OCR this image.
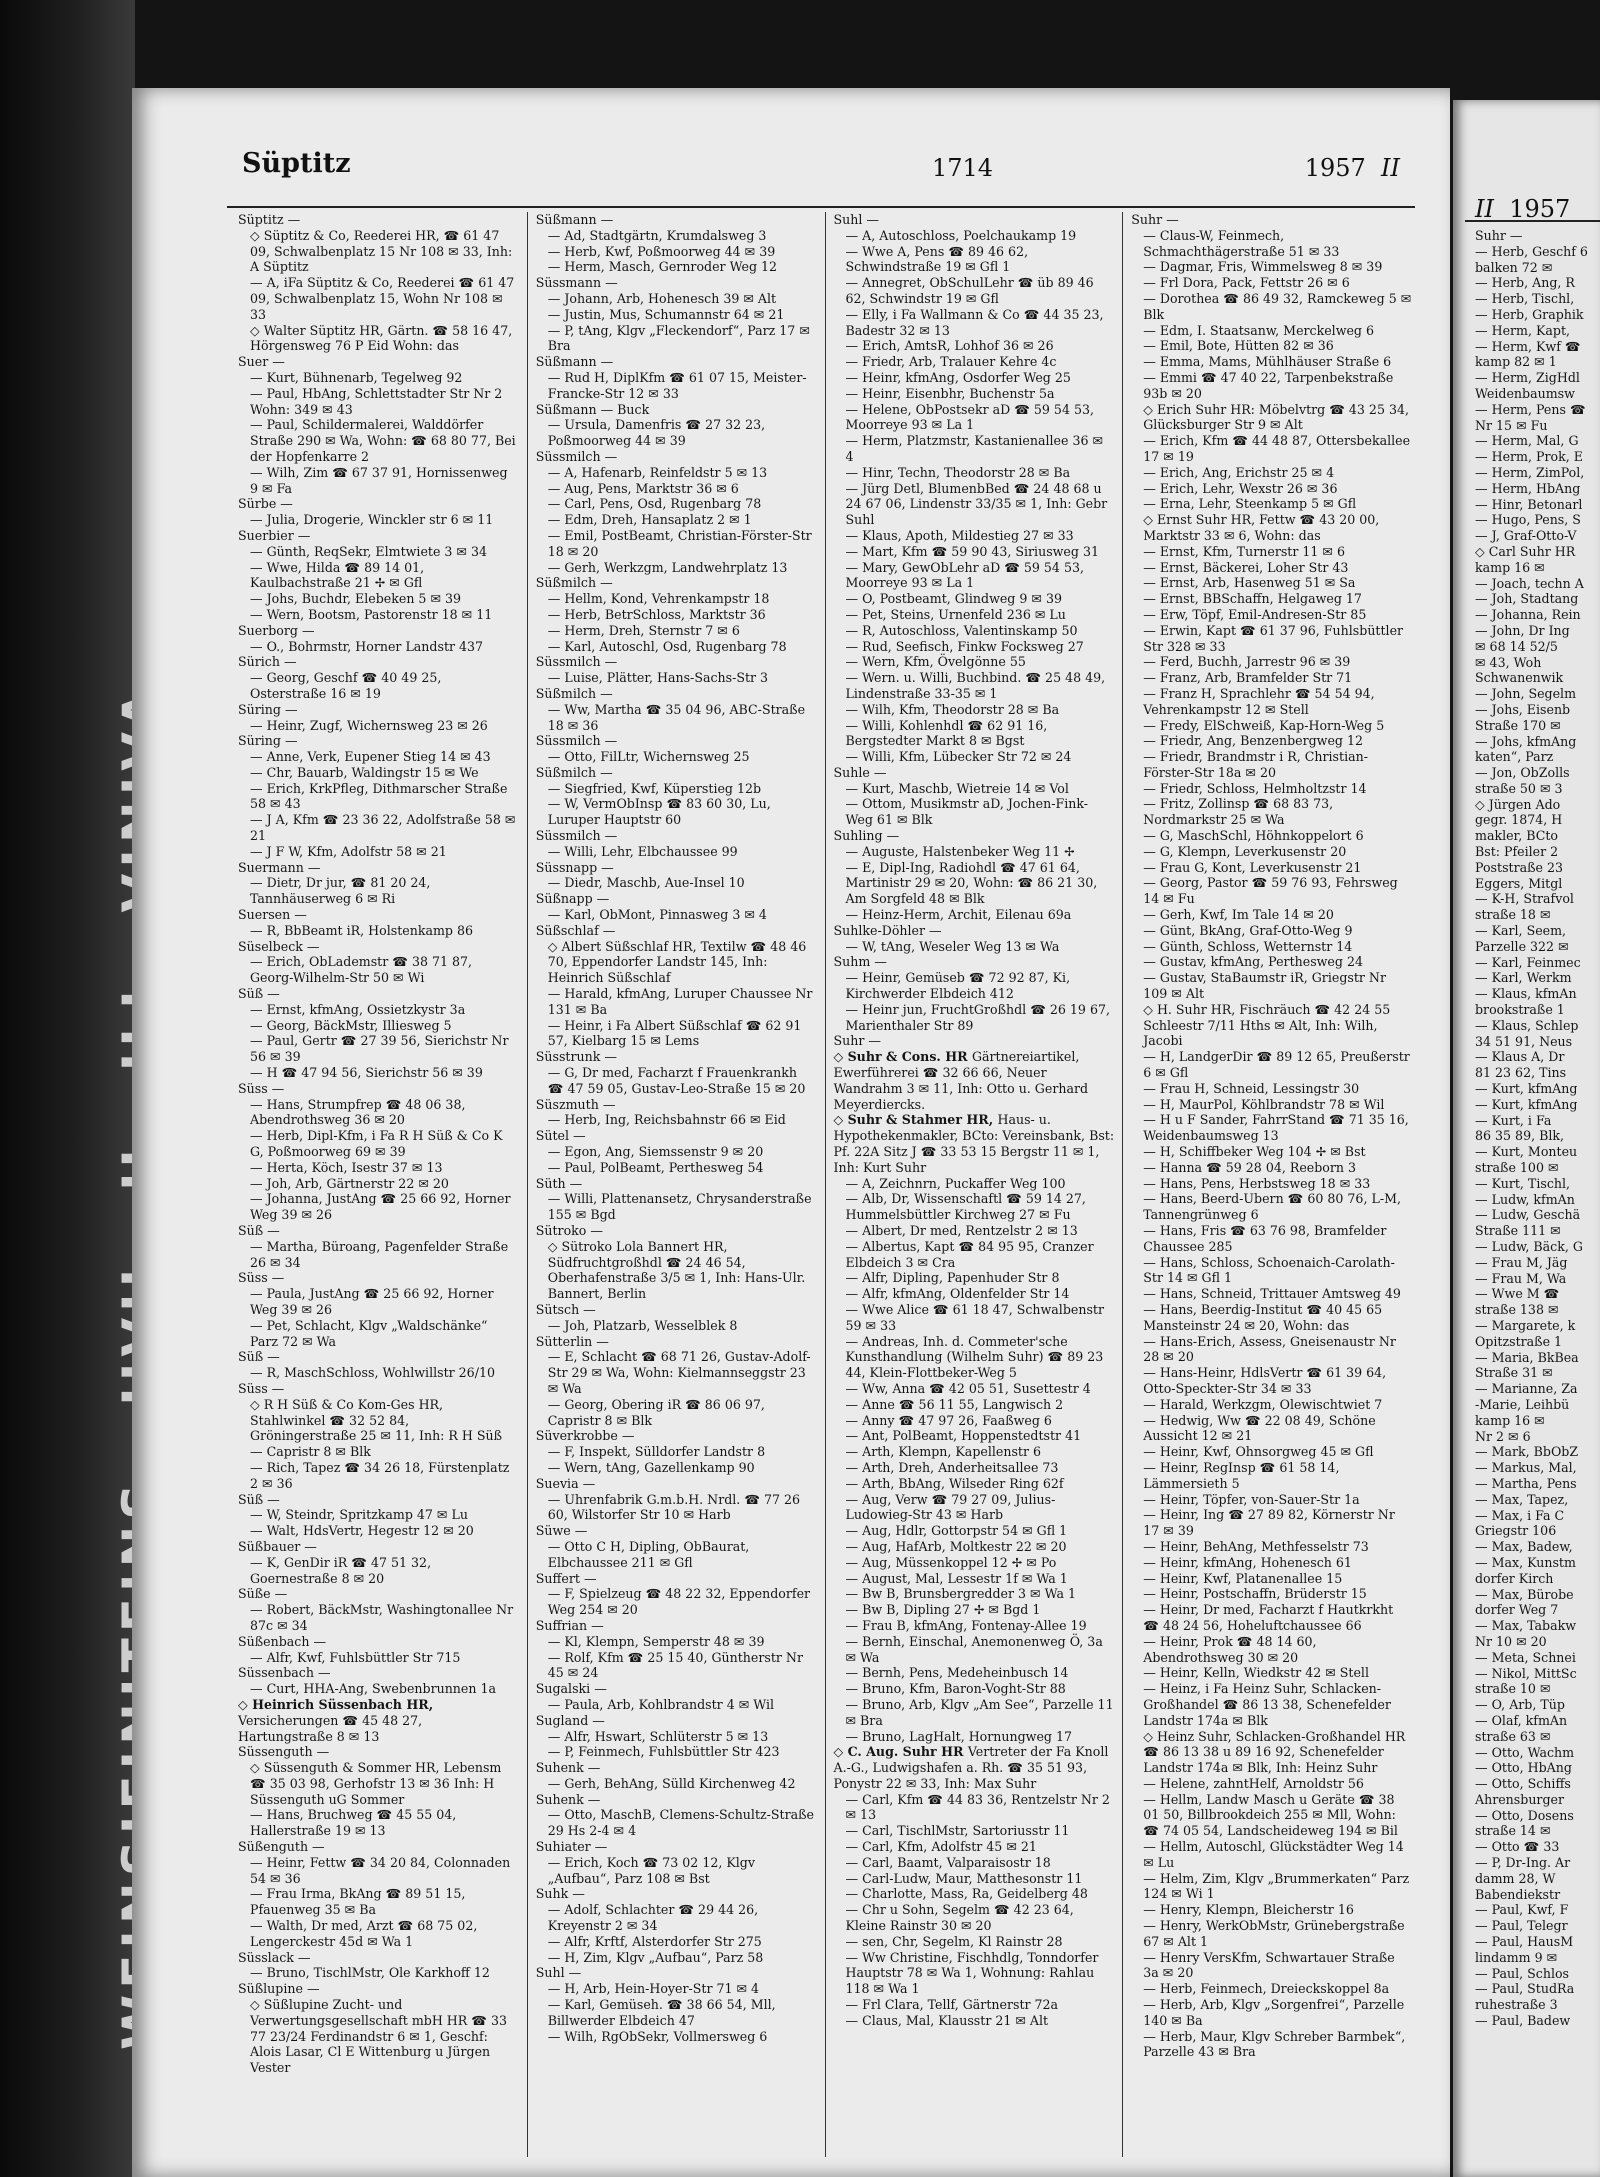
Süptitz	1714	1957 II

Süptitz —

◇ Süptitz & Co, Reederei HR, ☎ 61 47 09, Schwalbenplatz 15 Nr 108 ✉ 33, Inh: A Süptitz

— A, iFa Süptitz & Co, Reederei ☎ 61 47 09, Schwalbenplatz 15, Wohn Nr 108 ✉ 33

◇ Walter Süptitz HR, Gärtn. ☎ 58 16 47, Hörgensweg 76 P Eid Wohn: das

Suer —

— Kurt, Bühnenarb, Tegelweg 92

— Paul, HbAng, Schlettstadter Str Nr 2 Wohn: 349 ✉ 43

— Paul, Schildermalerei, Walddörfer Straße 290 ✉ Wa, Wohn: ☎ 68 80 77, Bei der Hopfenkarre 2

— Wilh, Zim ☎ 67 37 91, Hornissenweg 9 ✉ Fa

Sürbe —

— Julia, Drogerie, Winckler str 6 ✉ 11

Suerbier —

— Günth, ReqSekr, Elmtwiete 3 ✉ 34

— Wwe, Hilda ☎ 89 14 01, Kaulbachstraße 21 ✢ ✉ Gfl

— Johs, Buchdr, Elebeken 5 ✉ 39

— Wern, Bootsm, Pastorenstr 18 ✉ 11

Suerborg —

— O., Bohrmstr, Horner Landstr 437

Sürich —

— Georg, Geschf ☎ 40 49 25, Osterstraße 16 ✉ 19

Süring —

— Heinr, Zugf, Wichernsweg 23 ✉ 26

Süring —

— Anne, Verk, Eupener Stieg 14 ✉ 43

— Chr, Bauarb, Waldingstr 15 ✉ We

— Erich, KrkPfleg, Dithmarscher Straße 58 ✉ 43

— J A, Kfm ☎ 23 36 22, Adolfstraße 58 ✉ 21

— J F W, Kfm, Adolfstr 58 ✉ 21

Suermann —

— Dietr, Dr jur, ☎ 81 20 24, Tannhäuserweg 6 ✉ Ri

Suersen —

— R, BbBeamt iR, Holstenkamp 86

Süselbeck —

— Erich, ObLademstr ☎ 38 71 87, Georg-Wilhelm-Str 50 ✉ Wi

Süß —

— Ernst, kfmAng, Ossietzkystr 3a

— Georg, BäckMstr, Illiesweg 5

— Paul, Gertr ☎ 27 39 56, Sierichstr Nr 56 ✉ 39

— H ☎ 47 94 56, Sierichstr 56 ✉ 39

Süss —

— Hans, Strumpfrep ☎ 48 06 38, Abendrothsweg 36 ✉ 20

— Herb, Dipl-Kfm, i Fa R H Süß & Co K G, Poßmoorweg 69 ✉ 39

— Herta, Köch, Isestr 37 ✉ 13

— Joh, Arb, Gärtnerstr 22 ✉ 20

— Johanna, JustAng ☎ 25 66 92, Horner Weg 39 ✉ 26

Süß —

— Martha, Büroang, Pagenfelder Straße 26 ✉ 34

Süss —

— Paula, JustAng ☎ 25 66 92, Horner Weg 39 ✉ 26

— Pet, Schlacht, Klgv „Waldschänke“ Parz 72 ✉ Wa

Süß —

— R, MaschSchloss, Wohlwillstr 26/10

Süss —

◇ R H Süß & Co Kom-Ges HR, Stahlwinkel ☎ 32 52 84, Gröningerstraße 25 ✉ 11, Inh: R H Süß

— Capristr 8 ✉ Blk

— Rich, Tapez ☎ 34 26 18, Fürstenplatz 2 ✉ 36

Süß —

— W, Steindr, Spritzkamp 47 ✉ Lu

— Walt, HdsVertr, Hegestr 12 ✉ 20

Süßbauer —

— K, GenDir iR ☎ 47 51 32, Goernestraße 8 ✉ 20

Süße —

— Robert, BäckMstr, Washingtonallee Nr 87c ✉ 34

Süßenbach —

— Alfr, Kwf, Fuhlsbüttler Str 715

Süssenbach —

— Curt, HHA-Ang, Swebenbrunnen 1a

◇ Heinrich Süssenbach HR, Versicherungen ☎ 45 48 27, Hartungstraße 8 ✉ 13

Süssenguth —

◇ Süssenguth & Sommer HR, Lebensm ☎ 35 03 98, Gerhofstr 13 ✉ 36 Inh: H Süssenguth uG Sommer

— Hans, Bruchweg ☎ 45 55 04, Hallerstraße 19 ✉ 13

Süßenguth —

— Heinr, Fettw ☎ 34 20 84, Colonnaden 54 ✉ 36

— Frau Irma, BkAng ☎ 89 51 15, Pfauenweg 35 ✉ Ba

— Walth, Dr med, Arzt ☎ 68 75 02, Lengerckestr 45d ✉ Wa 1

Süsslack —

— Bruno, TischlMstr, Ole Karkhoff 12

Süßlupine —

◇ Süßlupine Zucht- und Verwertungsgesellschaft mbH HR ☎ 33 77 23/24 Ferdinandstr 6 ✉ 1, Geschf: Alois Lasar, Cl E Wittenburg u Jürgen Vester

Süßmann —

— Ad, Stadtgärtn, Krumdalsweg 3

— Herb, Kwf, Poßmoorweg 44 ✉ 39

— Herm, Masch, Gernroder Weg 12

Süssmann —

— Johann, Arb, Hohenesch 39 ✉ Alt

— Justin, Mus, Schumannstr 64 ✉ 21

— P, tAng, Klgv „Fleckendorf“, Parz 17 ✉ Bra

Süßmann —

— Rud H, DiplKfm ☎ 61 07 15, Meister-Francke-Str 12 ✉ 33

Süßmann — Buck

— Ursula, Damenfris ☎ 27 32 23, Poßmoorweg 44 ✉ 39

Süssmilch —

— A, Hafenarb, Reinfeldstr 5 ✉ 13

— Aug, Pens, Marktstr 36 ✉ 6

— Carl, Pens, Osd, Rugenbarg 78

— Edm, Dreh, Hansaplatz 2 ✉ 1

— Emil, PostBeamt, Christian-Förster-Str 18 ✉ 20

— Gerh, Werkzgm, Landwehrplatz 13

Süßmilch —

— Hellm, Kond, Vehrenkampstr 18

— Herb, BetrSchloss, Marktstr 36

— Herm, Dreh, Sternstr 7 ✉ 6

— Karl, Autoschl, Osd, Rugenbarg 78

Süssmilch —

— Luise, Plätter, Hans-Sachs-Str 3

Süßmilch —

— Ww, Martha ☎ 35 04 96, ABC-Straße 18 ✉ 36

Süssmilch —

— Otto, FilLtr, Wichernsweg 25

Süßmilch —

— Siegfried, Kwf, Küperstieg 12b

— W, VermObInsp ☎ 83 60 30, Lu, Luruper Hauptstr 60

Süssmilch —

— Willi, Lehr, Elbchaussee 99

Süssnapp —

— Diedr, Maschb, Aue-Insel 10

Süßnapp —

— Karl, ObMont, Pinnasweg 3 ✉ 4

Süßschlaf —

◇ Albert Süßschlaf HR, Textilw ☎ 48 46 70, Eppendorfer Landstr 145, Inh: Heinrich Süßschlaf

— Harald, kfmAng, Luruper Chaussee Nr 131 ✉ Ba

— Heinr, i Fa Albert Süßschlaf ☎ 62 91 57, Kielbarg 15 ✉ Lems

Süsstrunk —

— G, Dr med, Facharzt f Frauenkrankh ☎ 47 59 05, Gustav-Leo-Straße 15 ✉ 20

Süszmuth —

— Herb, Ing, Reichsbahnstr 66 ✉ Eid

Sütel —

— Egon, Ang, Siemssenstr 9 ✉ 20

— Paul, PolBeamt, Perthesweg 54

Süth —

— Willi, Plattenansetz, Chrysanderstraße 155 ✉ Bgd

Sütroko —

◇ Sütroko Lola Bannert HR, Südfruchtgroßhdl ☎ 24 46 54, Oberhafenstraße 3/5 ✉ 1, Inh: Hans-Ulr. Bannert, Berlin

Sütsch —

— Joh, Platzarb, Wesselblek 8

Sütterlin —

— E, Schlacht ☎ 68 71 26, Gustav-Adolf-Str 29 ✉ Wa, Wohn: Kielmannseggstr 23 ✉ Wa

— Georg, Obering iR ☎ 86 06 97, Capristr 8 ✉ Blk

Süverkrobbe —

— F, Inspekt, Sülldorfer Landstr 8

— Wern, tAng, Gazellenkamp 90

Suevia —

— Uhrenfabrik G.m.b.H. Nrdl. ☎ 77 26 60, Wilstorfer Str 10 ✉ Harb

Süwe —

— Otto C H, Dipling, ObBaurat, Elbchaussee 211 ✉ Gfl

Suffert —

— F, Spielzeug ☎ 48 22 32, Eppendorfer Weg 254 ✉ 20

Suffrian —

— Kl, Klempn, Semperstr 48 ✉ 39

— Rolf, Kfm ☎ 25 15 40, Güntherstr Nr 45 ✉ 24

Sugalski —

— Paula, Arb, Kohlbrandstr 4 ✉ Wil

Sugland —

— Alfr, Hswart, Schlüterstr 5 ✉ 13

— P, Feinmech, Fuhlsbüttler Str 423

Suhenk —

— Gerh, BehAng, Sülld Kirchenweg 42

Suhenk —

— Otto, MaschB, Clemens-Schultz-Straße 29 Hs 2-4 ✉ 4

Suhiater —

— Erich, Koch ☎ 73 02 12, Klgv „Aufbau“, Parz 108 ✉ Bst

Suhk —

— Adolf, Schlachter ☎ 29 44 26, Kreyenstr 2 ✉ 34

— Alfr, Krftf, Alsterdorfer Str 275

— H, Zim, Klgv „Aufbau“, Parz 58

Suhl —

— H, Arb, Hein-Hoyer-Str 71 ✉ 4

— Karl, Gemüseh. ☎ 38 66 54, Mll, Billwerder Elbdeich 47

— Wilh, RgObSekr, Vollmersweg 6

Suhl —

— A, Autoschloss, Poelchaukamp 19

— Wwe A, Pens ☎ 89 46 62, Schwindstraße 19 ✉ Gfl 1

— Annegret, ObSchulLehr ☎ üb 89 46 62, Schwindstr 19 ✉ Gfl

— Elly, i Fa Wallmann & Co ☎ 44 35 23, Badestr 32 ✉ 13

— Erich, AmtsR, Lohhof 36 ✉ 26

— Friedr, Arb, Tralauer Kehre 4c

— Heinr, kfmAng, Osdorfer Weg 25

— Heinr, Eisenbhr, Buchenstr 5a

— Helene, ObPostsekr aD ☎ 59 54 53, Moorreye 93 ✉ La 1

— Herm, Platzmstr, Kastanienallee 36 ✉ 4

— Hinr, Techn, Theodorstr 28 ✉ Ba

— Jürg Detl, BlumenbBed ☎ 24 48 68 u 24 67 06, Lindenstr 33/35 ✉ 1, Inh: Gebr Suhl

— Klaus, Apoth, Mildestieg 27 ✉ 33

— Mart, Kfm ☎ 59 90 43, Siriusweg 31

— Mary, GewObLehr aD ☎ 59 54 53, Moorreye 93 ✉ La 1

— O, Postbeamt, Glindweg 9 ✉ 39

— Pet, Steins, Urnenfeld 236 ✉ Lu

— R, Autoschloss, Valentinskamp 50

— Rud, Seefisch, Finkw Focksweg 27

— Wern, Kfm, Övelgönne 55

— Wern. u. Willi, Buchbind. ☎ 25 48 49, Lindenstraße 33-35 ✉ 1

— Wilh, Kfm, Theodorstr 28 ✉ Ba

— Willi, Kohlenhdl ☎ 62 91 16, Bergstedter Markt 8 ✉ Bgst

— Willi, Kfm, Lübecker Str 72 ✉ 24

Suhle —

— Kurt, Maschb, Wietreie 14 ✉ Vol

— Ottom, Musikmstr aD, Jochen-Fink-Weg 61 ✉ Blk

Suhling —

— Auguste, Halstenbeker Weg 11 ✢

— E, Dipl-Ing, Radiohdl ☎ 47 61 64, Martinistr 29 ✉ 20, Wohn: ☎ 86 21 30, Am Sorgfeld 48 ✉ Blk

— Heinz-Herm, Archit, Eilenau 69a

Suhlke-Döhler —

— W, tAng, Weseler Weg 13 ✉ Wa

Suhm —

— Heinr, Gemüseb ☎ 72 92 87, Ki, Kirchwerder Elbdeich 412

— Heinr jun, FruchtGroßhdl ☎ 26 19 67, Marienthaler Str 89

Suhr —

◇ Suhr & Cons. HR Gärtnereiartikel, Ewerführerei ☎ 32 66 66, Neuer Wandrahm 3 ✉ 11, Inh: Otto u. Gerhard Meyerdiercks.

◇ Suhr & Stahmer HR, Haus- u. Hypothekenmakler, BCto: Vereinsbank, Bst: Pf. 22A Sitz J ☎ 33 53 15 Bergstr 11 ✉ 1, Inh: Kurt Suhr

— A, Zeichnrn, Puckaffer Weg 100

— Alb, Dr, Wissenschaftl ☎ 59 14 27, Hummelsbüttler Kirchweg 27 ✉ Fu

— Albert, Dr med, Rentzelstr 2 ✉ 13

— Albertus, Kapt ☎ 84 95 95, Cranzer Elbdeich 3 ✉ Cra

— Alfr, Dipling, Papenhuder Str 8

— Alfr, kfmAng, Oldenfelder Str 14

— Wwe Alice ☎ 61 18 47, Schwalbenstr 59 ✉ 33

— Andreas, Inh. d. Commeter'sche Kunsthandlung (Wilhelm Suhr) ☎ 89 23 44, Klein-Flottbeker-Weg 5

— Ww, Anna ☎ 42 05 51, Susettestr 4

— Anne ☎ 56 11 55, Langwisch 2

— Anny ☎ 47 97 26, Faaßweg 6

— Ant, PolBeamt, Hoppenstedtstr 41

— Arth, Klempn, Kapellenstr 6

— Arth, Dreh, Anderheitsallee 73

— Arth, BbAng, Wilseder Ring 62f

— Aug, Verw ☎ 79 27 09, Julius-Ludowieg-Str 43 ✉ Harb

— Aug, Hdlr, Gottorpstr 54 ✉ Gfl 1

— Aug, HafArb, Moltkestr 22 ✉ 20

— Aug, Müssenkoppel 12 ✢ ✉ Po

— August, Mal, Lessestr 1f ✉ Wa 1

— Bw B, Brunsbergredder 3 ✉ Wa 1

— Bw B, Dipling 27 ✢ ✉ Bgd 1

— Frau B, kfmAng, Fontenay-Allee 19

— Bernh, Einschal, Anemonenweg Ö, 3a ✉ Wa

— Bernh, Pens, Medeheinbusch 14

— Bruno, Kfm, Baron-Voght-Str 88

— Bruno, Arb, Klgv „Am See“, Parzelle 11 ✉ Bra

— Bruno, LagHalt, Hornungweg 17

◇ C. Aug. Suhr HR Vertreter der Fa Knoll A.-G., Ludwigshafen a. Rh. ☎ 35 51 93, Ponystr 22 ✉ 33, Inh: Max Suhr

— Carl, Kfm ☎ 44 83 36, Rentzelstr Nr 2 ✉ 13

— Carl, TischlMstr, Sartoriusstr 11

— Carl, Kfm, Adolfstr 45 ✉ 21

— Carl, Baamt, Valparaisostr 18

— Carl-Ludw, Maur, Matthesonstr 11

— Charlotte, Mass, Ra, Geidelberg 48

— Chr u Sohn, Segelm ☎ 42 23 64, Kleine Rainstr 30 ✉ 20

— sen, Chr, Segelm, Kl Rainstr 28

— Ww Christine, Fischhdlg, Tonndorfer Hauptstr 78 ✉ Wa 1, Wohnung: Rahlau 118 ✉ Wa 1

— Frl Clara, Tellf, Gärtnerstr 72a

— Claus, Mal, Klausstr 21 ✉ Alt

Suhr —

— Claus-W, Feinmech, Schmachthägerstraße 51 ✉ 33

— Dagmar, Fris, Wimmelsweg 8 ✉ 39

— Frl Dora, Pack, Fettstr 26 ✉ 6

— Dorothea ☎ 86 49 32, Ramckeweg 5 ✉ Blk

— Edm, I. Staatsanw, Merckelweg 6

— Emil, Bote, Hütten 82 ✉ 36

— Emma, Mams, Mühlhäuser Straße 6

— Emmi ☎ 47 40 22, Tarpenbekstraße 93b ✉ 20

◇ Erich Suhr HR: Möbelvtrg ☎ 43 25 34, Glücksburger Str 9 ✉ Alt

— Erich, Kfm ☎ 44 48 87, Ottersbekallee 17 ✉ 19

— Erich, Ang, Erichstr 25 ✉ 4

— Erich, Lehr, Wexstr 26 ✉ 36

— Erna, Lehr, Steenkamp 5 ✉ Gfl

◇ Ernst Suhr HR, Fettw ☎ 43 20 00, Marktstr 33 ✉ 6, Wohn: das

— Ernst, Kfm, Turnerstr 11 ✉ 6

— Ernst, Bäckerei, Loher Str 43

— Ernst, Arb, Hasenweg 51 ✉ Sa

— Ernst, BBSchaffn, Helgaweg 17

— Erw, Töpf, Emil-Andresen-Str 85

— Erwin, Kapt ☎ 61 37 96, Fuhlsbüttler Str 328 ✉ 33

— Ferd, Buchh, Jarrestr 96 ✉ 39

— Franz, Arb, Bramfelder Str 71

— Franz H, Sprachlehr ☎ 54 54 94, Vehrenkampstr 12 ✉ Stell

— Fredy, ElSchweiß, Kap-Horn-Weg 5

— Friedr, Ang, Benzenbergweg 12

— Friedr, Brandmstr i R, Christian-Förster-Str 18a ✉ 20

— Friedr, Schloss, Helmholtzstr 14

— Fritz, Zollinsp ☎ 68 83 73, Nordmarkstr 25 ✉ Wa

— G, MaschSchl, Höhnkoppelort 6

— G, Klempn, Leverkusenstr 20

— Frau G, Kont, Leverkusenstr 21

— Georg, Pastor ☎ 59 76 93, Fehrsweg 14 ✉ Fu

— Gerh, Kwf, Im Tale 14 ✉ 20

— Günt, BkAng, Graf-Otto-Weg 9

— Günth, Schloss, Wetternstr 14

— Gustav, kfmAng, Perthesweg 24

— Gustav, StaBaumstr iR, Griegstr Nr 109 ✉ Alt

◇ H. Suhr HR, Fischräuch ☎ 42 24 55 Schleestr 7/11 Hths ✉ Alt, Inh: Wilh, Jacobi

— H, LandgerDir ☎ 89 12 65, Preußerstr 6 ✉ Gfl

— Frau H, Schneid, Lessingstr 30

— H, MaurPol, Köhlbrandstr 78 ✉ Wil

— H u F Sander, FahrrStand ☎ 71 35 16, Weidenbaumsweg 13

— H, Schiffbeker Weg 104 ✢ ✉ Bst

— Hanna ☎ 59 28 04, Reeborn 3

— Hans, Pens, Herbstsweg 18 ✉ 33

— Hans, Beerd-Ubern ☎ 60 80 76, L-M, Tannengrünweg 6

— Hans, Fris ☎ 63 76 98, Bramfelder Chaussee 285

— Hans, Schloss, Schoenaich-Carolath-Str 14 ✉ Gfl 1

— Hans, Schneid, Trittauer Amtsweg 49

— Hans, Beerdig-Institut ☎ 40 45 65 Mansteinstr 24 ✉ 20, Wohn: das

— Hans-Erich, Assess, Gneisenaustr Nr 28 ✉ 20

— Hans-Heinr, HdlsVertr ☎ 61 39 64, Otto-Speckter-Str 34 ✉ 33

— Harald, Werkzgm, Olewischtwiet 7

— Hedwig, Ww ☎ 22 08 49, Schöne Aussicht 12 ✉ 21

— Heinr, Kwf, Ohnsorgweg 45 ✉ Gfl

— Heinr, RegInsp ☎ 61 58 14, Lämmersieth 5

— Heinr, Töpfer, von-Sauer-Str 1a

— Heinr, Ing ☎ 27 89 82, Körnerstr Nr 17 ✉ 39

— Heinr, BehAng, Methfesselstr 73

— Heinr, kfmAng, Hohenesch 61

— Heinr, Kwf, Platanenallee 15

— Heinr, Postschaffn, Brüderstr 15

— Heinr, Dr med, Facharzt f Hautkrkht ☎ 48 24 56, Hoheluftchaussee 66

— Heinr, Prok ☎ 48 14 60, Abendrothsweg 30 ✉ 20

— Heinr, Kelln, Wiedkstr 42 ✉ Stell

— Heinz, i Fa Heinz Suhr, Schlacken-Großhandel ☎ 86 13 38, Schenefelder Landstr 174a ✉ Blk

◇ Heinz Suhr, Schlacken-Großhandel HR ☎ 86 13 38 u 89 16 92, Schenefelder Landstr 174a ✉ Blk, Inh: Heinz Suhr

— Helene, zahntHelf, Arnoldstr 56

— Hellm, Landw Masch u Geräte ☎ 38 01 50, Billbrookdeich 255 ✉ Mll, Wohn: ☎ 74 05 54, Landscheideweg 194 ✉ Bil

— Hellm, Autoschl, Glückstädter Weg 14 ✉ Lu

— Helm, Zim, Klgv „Brummerkaten“ Parz 124 ✉ Wi 1

— Henry, Klempn, Bleicherstr 16

— Henry, WerkObMstr, Grünebergstraße 67 ✉ Alt 1

— Henry VersKfm, Schwartauer Straße 3a ✉ 20

— Herb, Feinmech, Dreieckskoppel 8a

— Herb, Arb, Klgv „Sorgenfrei“, Parzelle 140 ✉ Ba

— Herb, Maur, Klgv Schreber Barmbek“, Parzelle 43 ✉ Bra

II 1957
Suhr —
— Herb, Geschf 6
balken 72 ✉
— Herb, Ang, R
— Herb, Tischl,
— Herb, Graphik
— Herm, Kapt,
— Herm, Kwf ☎
kamp 82 ✉ 1
— Herm, ZigHdl
Weidenbaumsw
— Herm, Pens ☎
Nr 15 ✉ Fu
— Herm, Mal, G
— Herm, Prok, E
— Herm, ZimPol,
— Herm, HbAng
— Hinr, Betonarl
— Hugo, Pens, S
— J, Graf-Otto-V
◇ Carl Suhr HR
kamp 16 ✉
— Joach, techn A
— Joh, Stadtang
— Johanna, Rein
— John, Dr Ing
✉ 68 14 52/5
✉ 43, Woh
Schwanenwik
— John, Segelm
— Johs, Eisenb
Straße 170 ✉
— Johs, kfmAng
katen“, Parz
— Jon, ObZolls
straße 50 ✉ 3
◇ Jürgen Ado
gegr. 1874, H
makler, BCto
Bst: Pfeiler 2
Poststraße 23
Eggers, Mitgl
— K-H, Strafvol
straße 18 ✉
— Karl, Seem,
Parzelle 322 ✉
— Karl, Feinmec
— Karl, Werkm
— Klaus, kfmAn
brookstraße 1
— Klaus, Schlep
34 51 91, Neus
— Klaus A, Dr
81 23 62, Tins
— Kurt, kfmAng
— Kurt, kfmAng
— Kurt, i Fa
86 35 89, Blk,
— Kurt, Monteu
straße 100 ✉
— Kurt, Tischl,
— Ludw, kfmAn
— Ludw, Geschä
Straße 111 ✉
— Ludw, Bäck, G
— Frau M, Jäg
— Frau M, Wa
— Wwe M ☎
straße 138 ✉
— Margarete, k
Opitzstraße 1
— Maria, BkBea
Straße 31 ✉
— Marianne, Za
-Marie, Leihbü
kamp 16 ✉
Nr 2 ✉ 6
— Mark, BbObZ
— Markus, Mal,
— Martha, Pens
— Max, Tapez,
— Max, i Fa C
Griegstr 106
— Max, Badew,
— Max, Kunstm
dorfer Kirch
— Max, Bürobe
dorfer Weg 7
— Max, Tabakw
Nr 10 ✉ 20
— Meta, Schnei
— Nikol, MittSc
straße 10 ✉
— O, Arb, Tüp
— Olaf, kfmAn
straße 63 ✉
— Otto, Wachm
— Otto, HbAng
— Otto, Schiffs
Ahrensburger
— Otto, Dosens
straße 14 ✉
— Otto ☎ 33
— P, Dr-Ing. Ar
damm 28, W
Babendiekstr
— Paul, Kwf, F
— Paul, Telegr
— Paul, HausM
lindamm 9 ✉
— Paul, Schlos
— Paul, StudRa
ruhestraße 3
— Paul, Badew
